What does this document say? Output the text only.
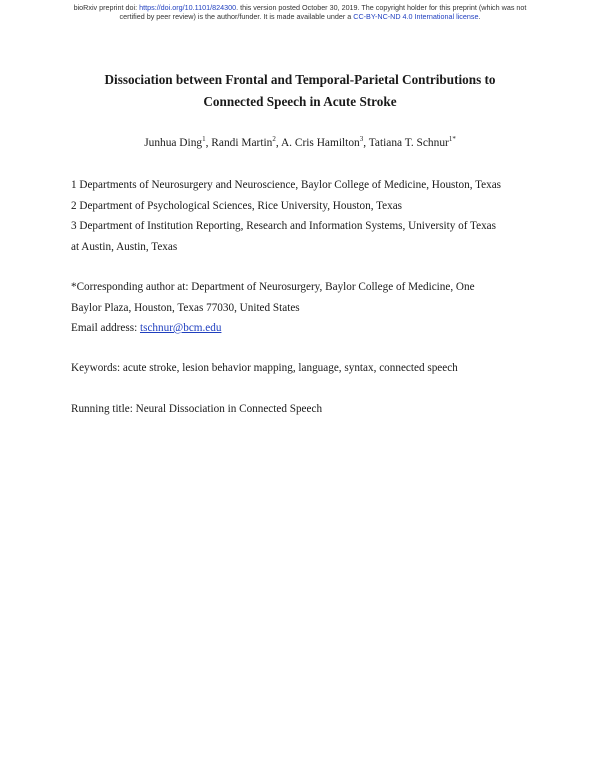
bioRxiv preprint doi: https://doi.org/10.1101/824300. this version posted October 30, 2019. The copyright holder for this preprint (which was not
certified by peer review) is the author/funder. It is made available under a CC-BY-NC-ND 4.0 International license.
Dissociation between Frontal and Temporal-Parietal Contributions to
Connected Speech in Acute Stroke
Junhua Ding$^1$, Randi Martin$^2$, A. Cris Hamilton$^3$, Tatiana T. Schnur$^{1*}$
1 Departments of Neurosurgery and Neuroscience, Baylor College of Medicine, Houston, Texas
2 Department of Psychological Sciences, Rice University, Houston, Texas
3 Department of Institution Reporting, Research and Information Systems, University of Texas
at Austin, Austin, Texas
*Corresponding author at: Department of Neurosurgery, Baylor College of Medicine, One
Baylor Plaza, Houston, Texas 77030, United States
Email address: tschnur@bcm.edu
Keywords: acute stroke, lesion behavior mapping, language, syntax, connected speech
Running title: Neural Dissociation in Connected Speech
